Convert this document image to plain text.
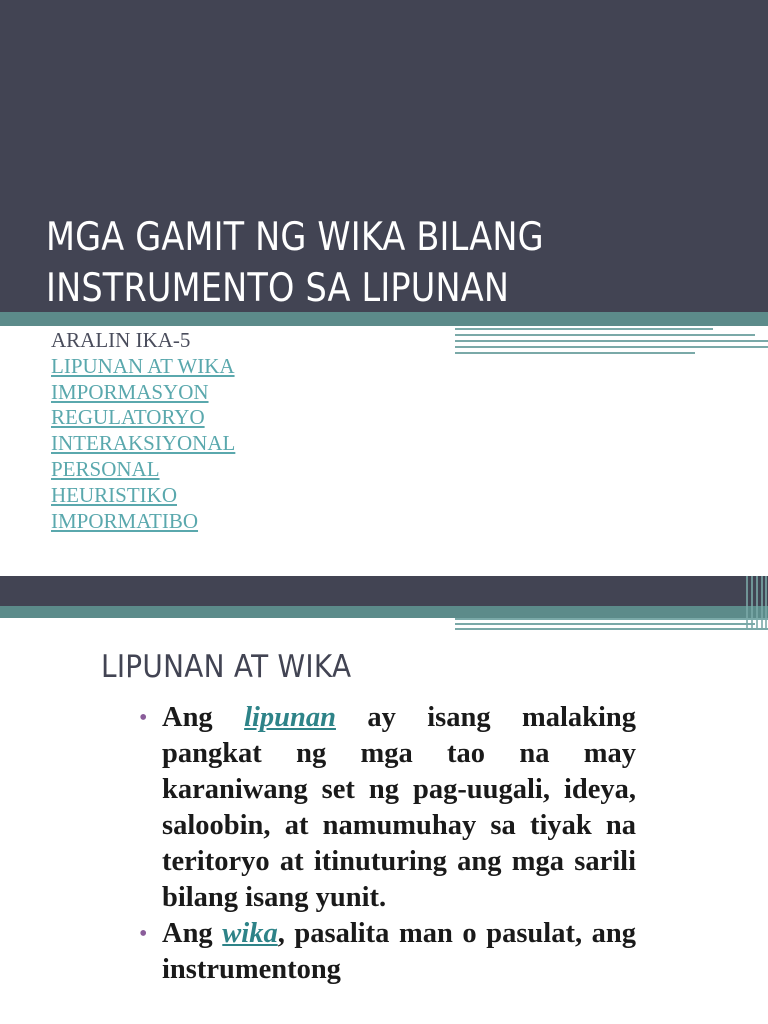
MGA GAMIT NG WIKA BILANG
INSTRUMENTO SA LIPUNAN
ARALIN IKA-5
LIPUNAN AT WIKA
IMPORMASYON
REGULATORYO
INTERAKSIYONAL
PERSONAL
HEURISTIKO
IMPORMATIBO
LIPUNAN AT WIKA
• Ang lipunan ay isang malaking pangkat ng mga tao na may karaniwang set ng pag-uugali, ideya, saloobin, at namumuhay sa tiyak na teritoryo at itinuturing ang mga sarili bilang isang yunit.

• Ang wika, pasalita man o pasulat, ang instrumentong
